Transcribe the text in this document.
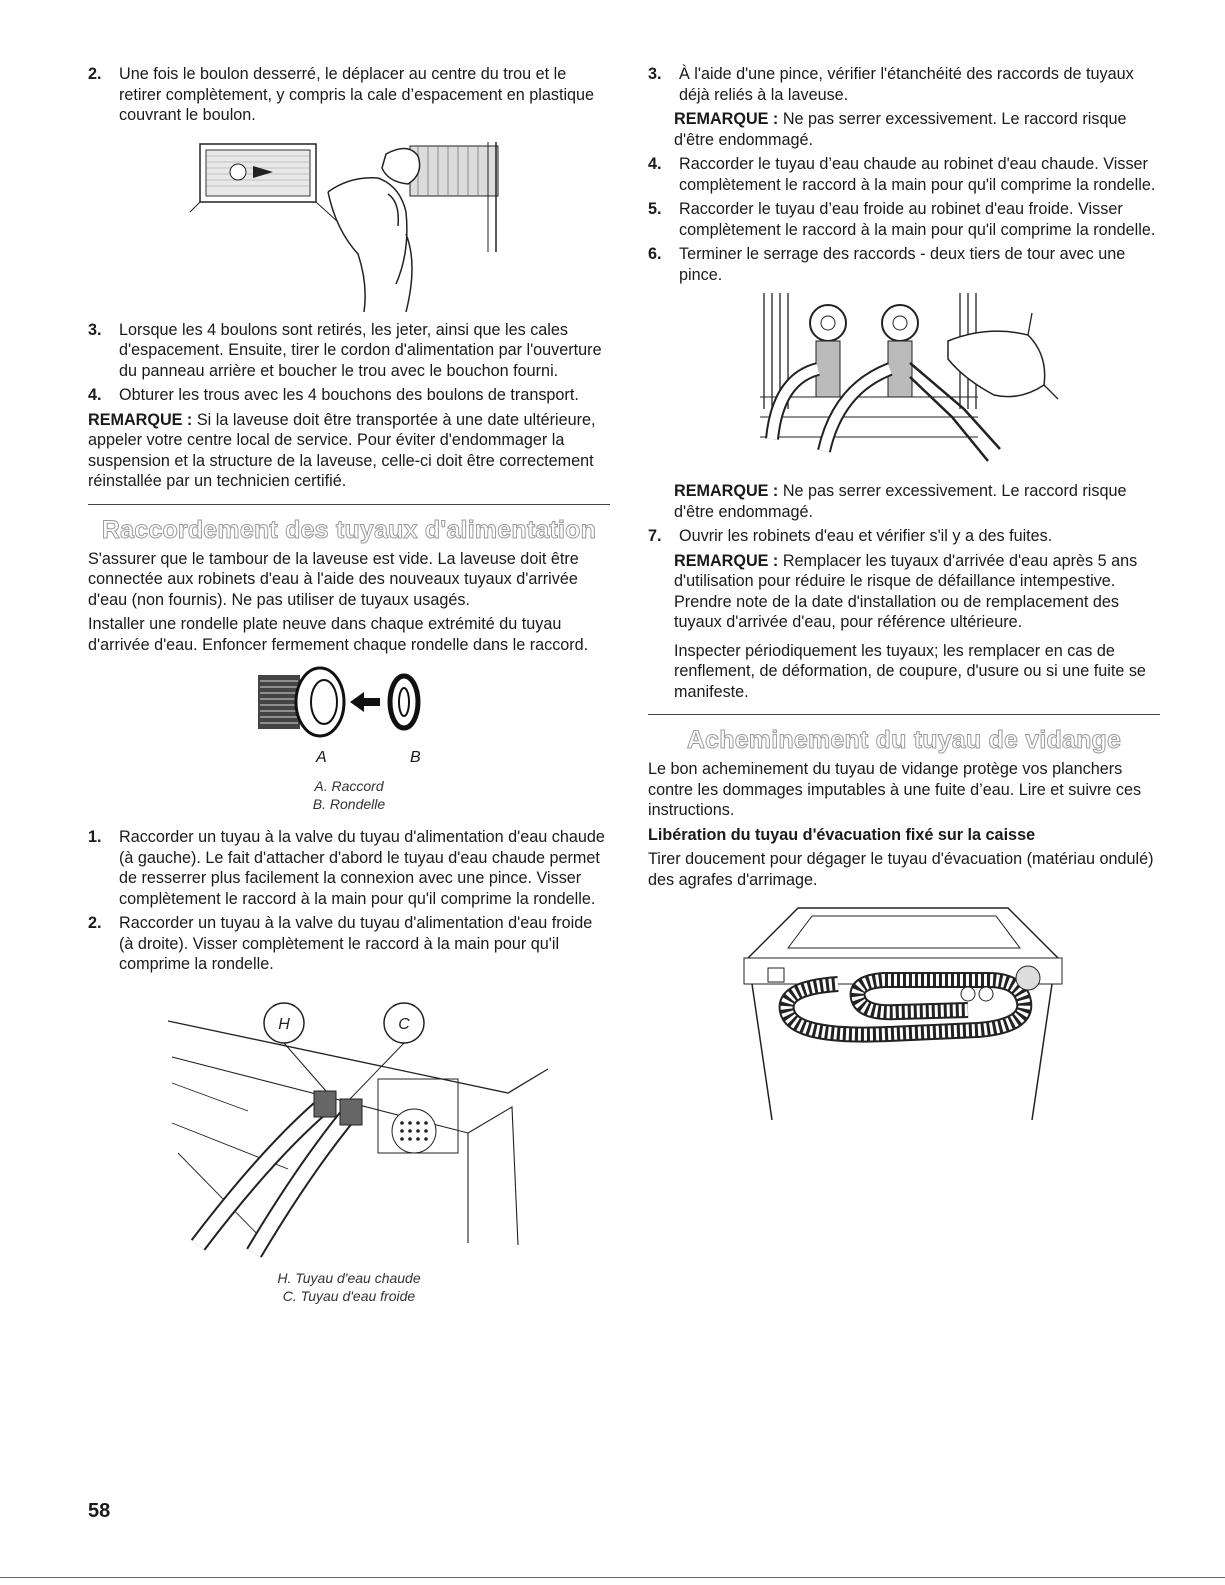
2. Une fois le boulon desserré, le déplacer au centre du trou et le retirer complètement, y compris la cale d’espacement en plastique couvrant le boulon.
3. Lorsque les 4 boulons sont retirés, les jeter, ainsi que les cales d'espacement. Ensuite, tirer le cordon d'alimentation par l'ouverture du panneau arrière et boucher le trou avec le bouchon fourni.
4. Obturer les trous avec les 4 bouchons des boulons de transport.

REMARQUE : Si la laveuse doit être transportée à une date ultérieure, appeler votre centre local de service. Pour éviter d'endommager la suspension et la structure de la laveuse, celle-ci doit être correctement réinstallée par un technicien certifié.

Raccordement des tuyaux d'alimentation

S'assurer que le tambour de la laveuse est vide. La laveuse doit être connectée aux robinets d'eau à l'aide des nouveaux tuyaux d'arrivée d'eau (non fournis). Ne pas utiliser de tuyaux usagés.

Installer une rondelle plate neuve dans chaque extrémité du tuyau d'arrivée d'eau. Enfoncer fermement chaque rondelle dans le raccord.

A	B
A. Raccord
B. Rondelle
1. Raccorder un tuyau à la valve du tuyau d'alimentation d'eau chaude (à gauche). Le fait d'attacher d'abord le tuyau d'eau chaude permet de resserrer plus facilement la connexion avec une pince. Visser complètement le raccord à la main pour qu'il comprime la rondelle.
2. Raccorder un tuyau à la valve du tuyau d'alimentation d'eau froide (à droite). Visser complètement le raccord à la main pour qu'il comprime la rondelle.
H	C
H. Tuyau d'eau chaude
C. Tuyau d'eau froide
3. À l'aide d'une pince, vérifier l'étanchéité des raccords de tuyaux déjà reliés à la laveuse.

REMARQUE : Ne pas serrer excessivement. Le raccord risque d'être endommagé.

4. Raccorder le tuyau d’eau chaude au robinet d'eau chaude. Visser complètement le raccord à la main pour qu'il comprime la rondelle.
5. Raccorder le tuyau d’eau froide au robinet d'eau froide. Visser complètement le raccord à la main pour qu'il comprime la rondelle.
6. Terminer le serrage des raccords - deux tiers de tour avec une pince.

REMARQUE : Ne pas serrer excessivement. Le raccord risque d'être endommagé.

7. Ouvrir les robinets d'eau et vérifier s'il y a des fuites.

REMARQUE : Remplacer les tuyaux d'arrivée d'eau après 5 ans d'utilisation pour réduire le risque de défaillance intempestive. Prendre note de la date d'installation ou de remplacement des tuyaux d'arrivée d'eau, pour référence ultérieure.

Inspecter périodiquement les tuyaux; les remplacer en cas de renflement, de déformation, de coupure, d'usure ou si une fuite se manifeste.

Acheminement du tuyau de vidange

Le bon acheminement du tuyau de vidange protège vos planchers contre les dommages imputables à une fuite d’eau. Lire et suivre ces instructions.

Libération du tuyau d'évacuation fixé sur la caisse

Tirer doucement pour dégager le tuyau d'évacuation (matériau ondulé) des agrafes d'arrimage.

58
